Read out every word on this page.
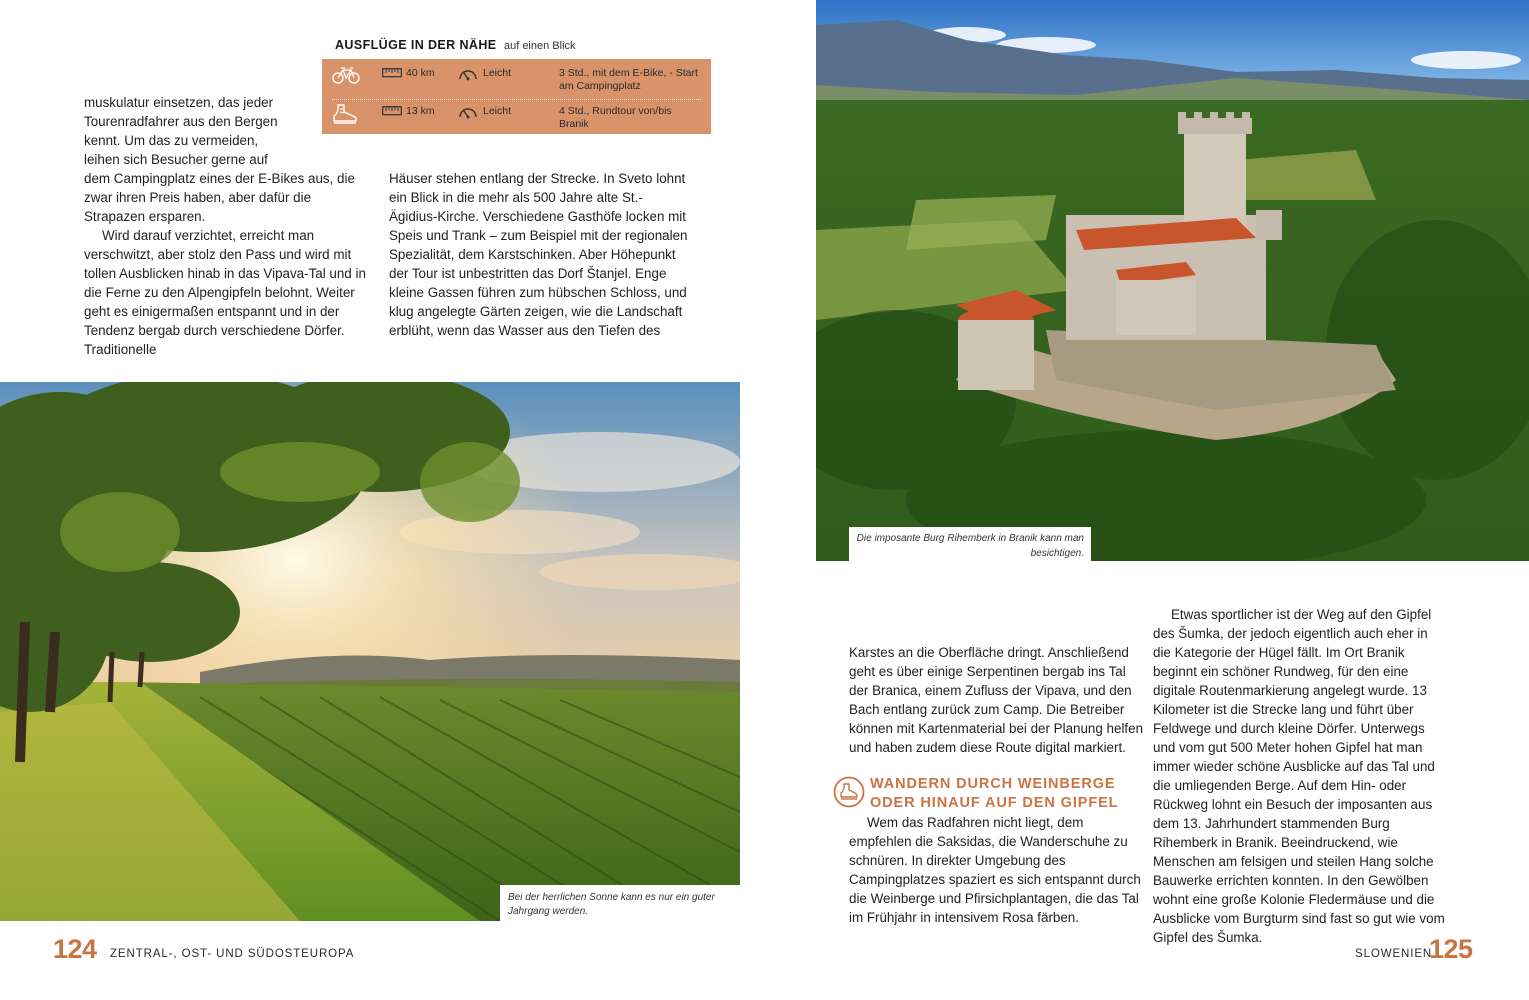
AUSFLÜGE IN DER NÄHE auf einen Blick
40 km	Leicht	3 Std., mit dem E-Bike, - Start am Campingplatz
13 km	Leicht	4 Std., Rundtour von/bis Branik

muskulatur einsetzen, das jeder Tourenradfahrer aus den Bergen kennt. Um das zu vermeiden, leihen sich Besucher gerne auf

dem Campingplatz eines der E-Bikes aus, die zwar ihren Preis haben, aber dafür die Strapazen ersparen.

Wird darauf verzichtet, erreicht man verschwitzt, aber stolz den Pass und wird mit tollen Ausblicken hinab in das Vipava-Tal und in die Ferne zu den Alpengipfeln belohnt. Weiter geht es einigermaßen entspannt und in der Tendenz bergab durch verschiedene Dörfer. Traditionelle

Häuser stehen entlang der Strecke. In Sveto lohnt ein Blick in die mehr als 500 Jahre alte St.-Ägidius-Kirche. Verschiedene Gasthöfe locken mit Speis und Trank – zum Beispiel mit der regionalen Spezialität, dem Karstschinken. Aber Höhepunkt der Tour ist unbestritten das Dorf Štanjel. Enge kleine Gassen führen zum hübschen Schloss, und klug angelegte Gärten zeigen, wie die Landschaft erblüht, wenn das Wasser aus den Tiefen des

Bei der herrlichen Sonne kann es nur ein guter Jahrgang werden.
Die imposante Burg Rihemberk in Branik kann man besichtigen.

Karstes an die Oberfläche dringt. Anschließend geht es über einige Serpentinen bergab ins Tal der Branica, einem Zufluss der Vipava, und den Bach entlang zurück zum Camp. Die Betreiber können mit Kartenmaterial bei der Planung helfen und haben zudem diese Route digital markiert.

WANDERN DURCH WEINBERGE ODER HINAUF AUF DEN GIPFEL

Wem das Radfahren nicht liegt, dem empfehlen die Saksidas, die Wanderschuhe zu schnüren. In direkter Umgebung des Campingplatzes spaziert es sich entspannt durch die Weinberge und Pfirsichplantagen, die das Tal im Frühjahr in intensivem Rosa färben.

Etwas sportlicher ist der Weg auf den Gipfel des Šumka, der jedoch eigentlich auch eher in die Kategorie der Hügel fällt. Im Ort Branik beginnt ein schöner Rundweg, für den eine digitale Routenmarkierung angelegt wurde. 13 Kilometer ist die Strecke lang und führt über Feldwege und durch kleine Dörfer. Unterwegs und vom gut 500 Meter hohen Gipfel hat man immer wieder schöne Ausblicke auf das Tal und die umliegenden Berge. Auf dem Hin- oder Rückweg lohnt ein Besuch der imposanten aus dem 13. Jahrhundert stammenden Burg Rihemberk in Branik. Beeindruckend, wie Menschen am felsigen und steilen Hang solche Bauwerke errichten konnten. In den Gewölben wohnt eine große Kolonie Fledermäuse und die Ausblicke vom Burgturm sind fast so gut wie vom Gipfel des Šumka.

124 ZENTRAL-, OST- UND SÜDOSTEUROPA	SLOWENIEN
125
